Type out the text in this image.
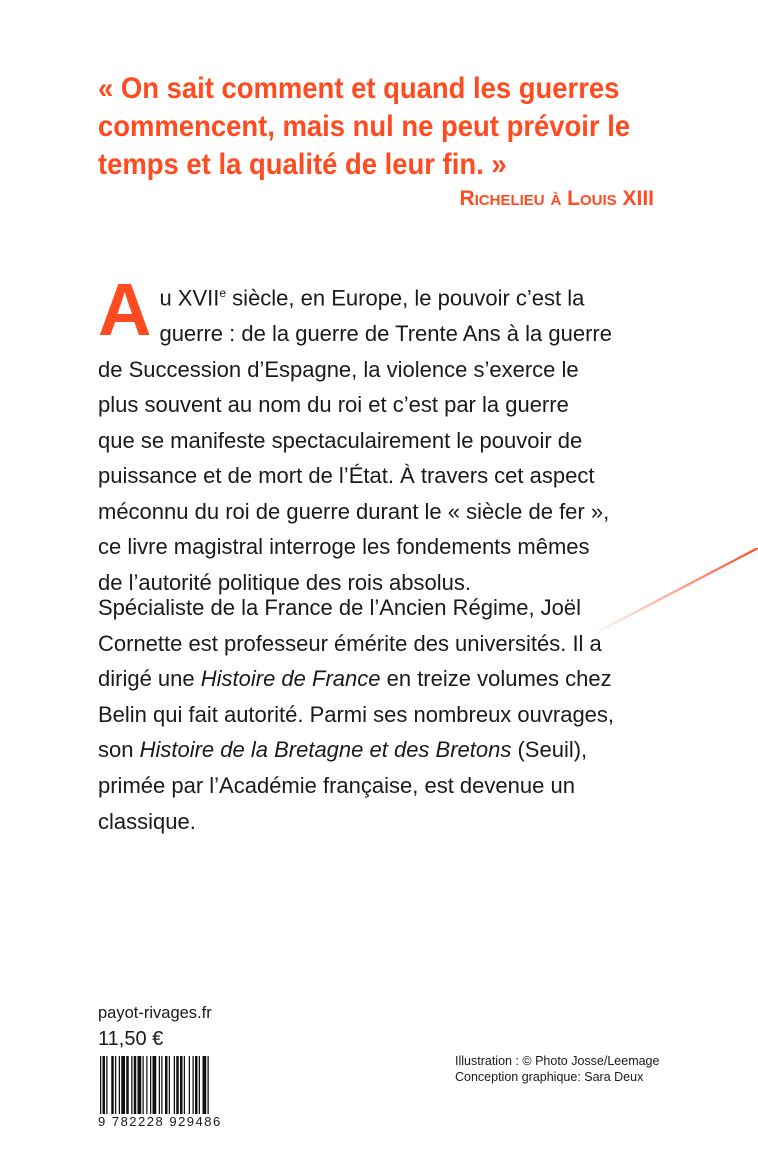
« On sait comment et quand les guerres
commencent, mais nul ne peut prévoir le
temps et la qualité de leur fin. »
Richelieu à Louis XIII
A u XVIIe siècle, en Europe, le pouvoir c’est la
guerre : de la guerre de Trente Ans à la guerre
de Succession d’Espagne, la violence s’exerce le
plus souvent au nom du roi et c’est par la guerre
que se manifeste spectaculairement le pouvoir de
puissance et de mort de l’État. À travers cet aspect
méconnu du roi de guerre durant le « siècle de fer »,
ce livre magistral interroge les fondements mêmes
de l’autorité politique des rois absolus.
Spécialiste de la France de l’Ancien Régime, Joël
Cornette est professeur émérite des universités. Il a
dirigé une Histoire de France en treize volumes chez
Belin qui fait autorité. Parmi ses nombreux ouvrages,
son Histoire de la Bretagne et des Bretons (Seuil),
primée par l’Académie française, est devenue un
classique.
payot-rivages.fr
11,50 €
9 782228 929486
Illustration : © Photo Josse/Leemage
Conception graphique: Sara Deux
